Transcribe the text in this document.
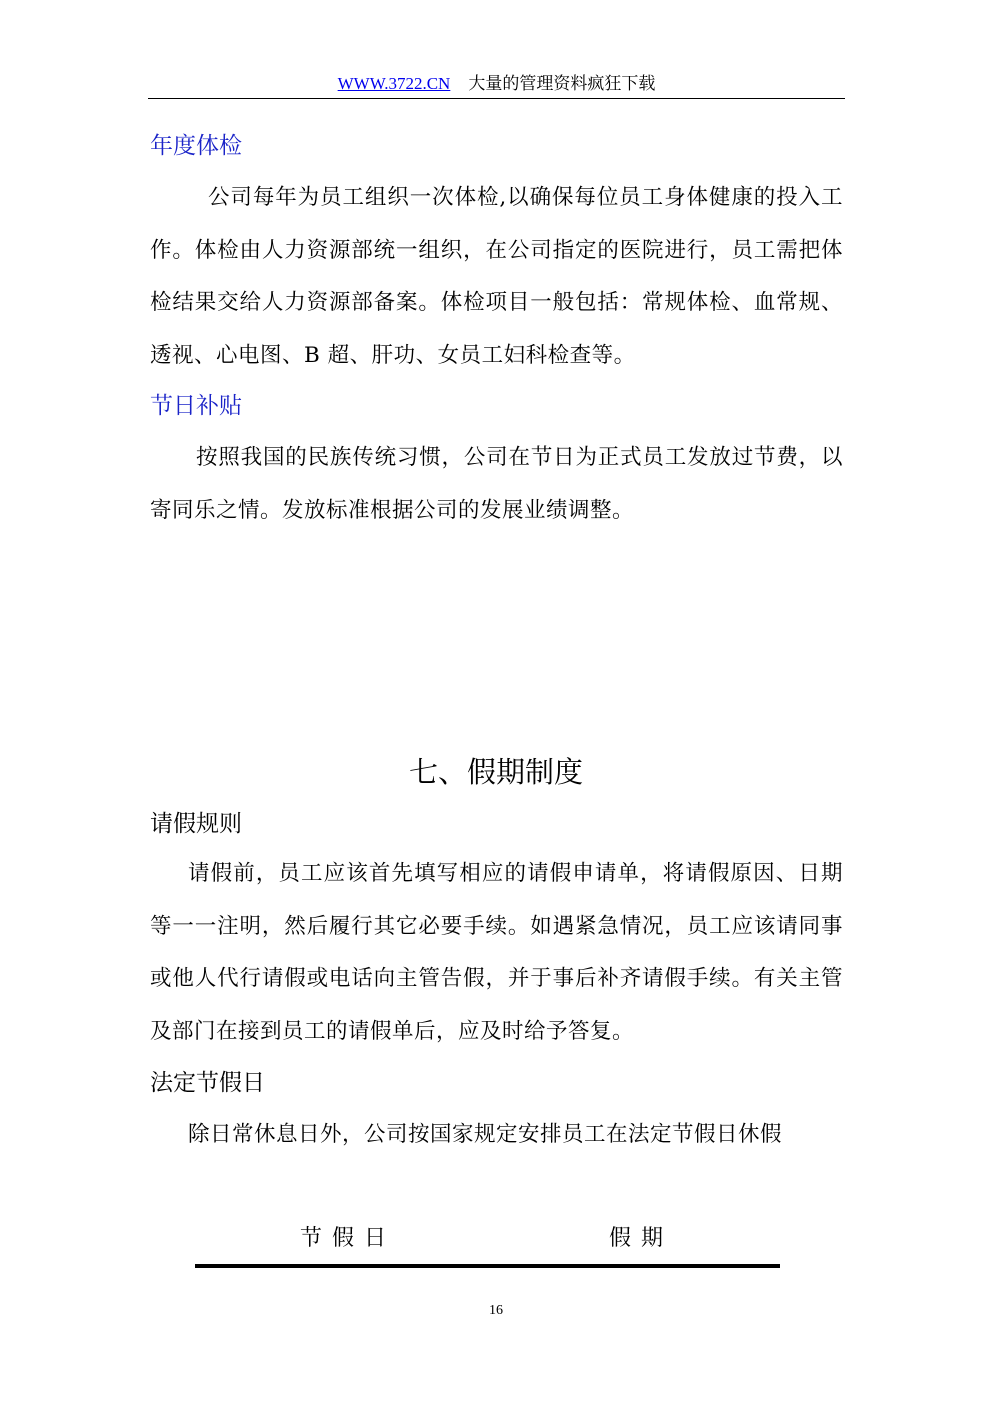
WWW.3722.CN 大量的管理资料疯狂下载
年度体检
公司每年为员工组织一次体检,以确保每位员工身体健康的投入工作。体检由人力资源部统一组织，在公司指定的医院进行，员工需把体检结果交给人力资源部备案。体检项目一般包括：常规体检、血常规、透视、心电图、B 超、肝功、女员工妇科检查等。
节日补贴
按照我国的民族传统习惯，公司在节日为正式员工发放过节费，以寄同乐之情。发放标准根据公司的发展业绩调整。
七、假期制度
请假规则
请假前，员工应该首先填写相应的请假申请单，将请假原因、日期等一一注明，然后履行其它必要手续。如遇紧急情况，员工应该请同事或他人代行请假或电话向主管告假，并于事后补齐请假手续。有关主管及部门在接到员工的请假单后，应及时给予答复。
法定节假日
除日常休息日外，公司按国家规定安排员工在法定节假日休假
节假日	假期
16
